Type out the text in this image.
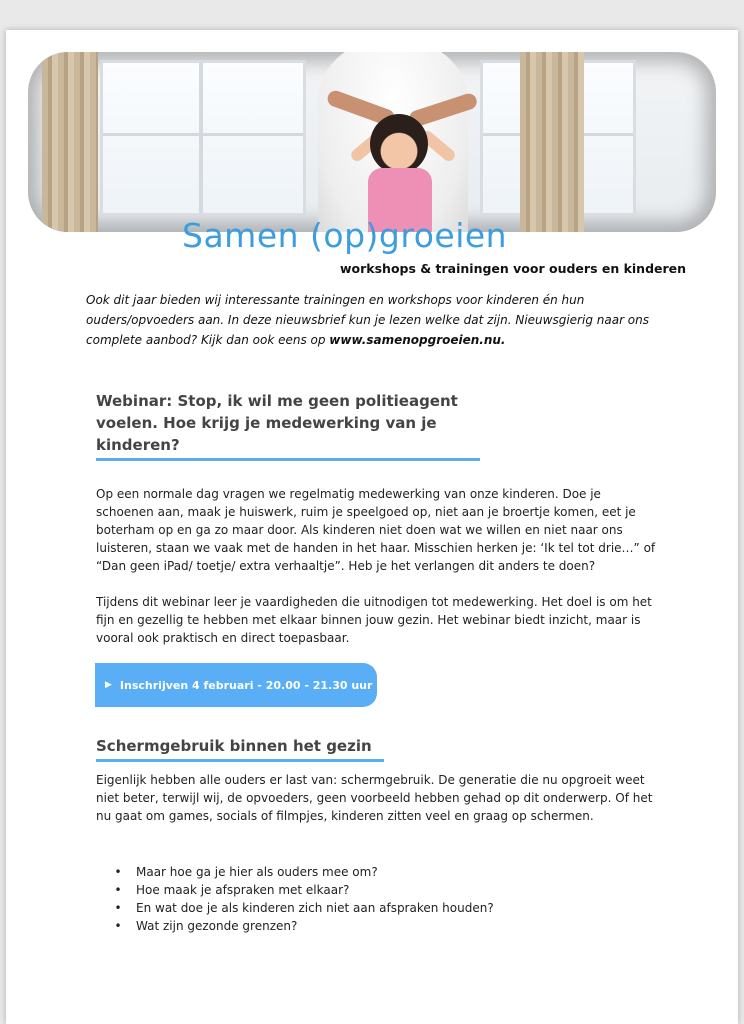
Samen (op)groeien
workshops & trainingen voor ouders en kinderen
Ook dit jaar bieden wij interessante trainingen en workshops voor kinderen én hun ouders/opvoeders aan. In deze nieuwsbrief kun je lezen welke dat zijn. Nieuwsgierig naar ons complete aanbod? Kijk dan ook eens op www.samenopgroeien.nu.
Webinar: Stop, ik wil me geen politieagent
voelen. Hoe krijg je medewerking van je
kinderen?
Op een normale dag vragen we regelmatig medewerking van onze kinderen. Doe je schoenen aan, maak je huiswerk, ruim je speelgoed op, niet aan je broertje komen, eet je boterham op en ga zo maar door. Als kinderen niet doen wat we willen en niet naar ons luisteren, staan we vaak met de handen in het haar. Misschien herken je: ‘Ik tel tot drie…” of “Dan geen iPad/ toetje/ extra verhaaltje”. Heb je het verlangen dit anders te doen?
Tijdens dit webinar leer je vaardigheden die uitnodigen tot medewerking. Het doel is om het fijn en gezellig te hebben met elkaar binnen jouw gezin. Het webinar biedt inzicht, maar is vooral ook praktisch en direct toepasbaar.
▶ Inschrijven 4 februari - 20.00 - 21.30 uur
Schermgebruik binnen het gezin
Eigenlijk hebben alle ouders er last van: schermgebruik. De generatie die nu opgroeit weet niet beter, terwijl wij, de opvoeders, geen voorbeeld hebben gehad op dit onderwerp. Of het nu gaat om games, socials of filmpjes, kinderen zitten veel en graag op schermen.
• Maar hoe ga je hier als ouders mee om?
• Hoe maak je afspraken met elkaar?
• En wat doe je als kinderen zich niet aan afspraken houden?
• Wat zijn gezonde grenzen?
